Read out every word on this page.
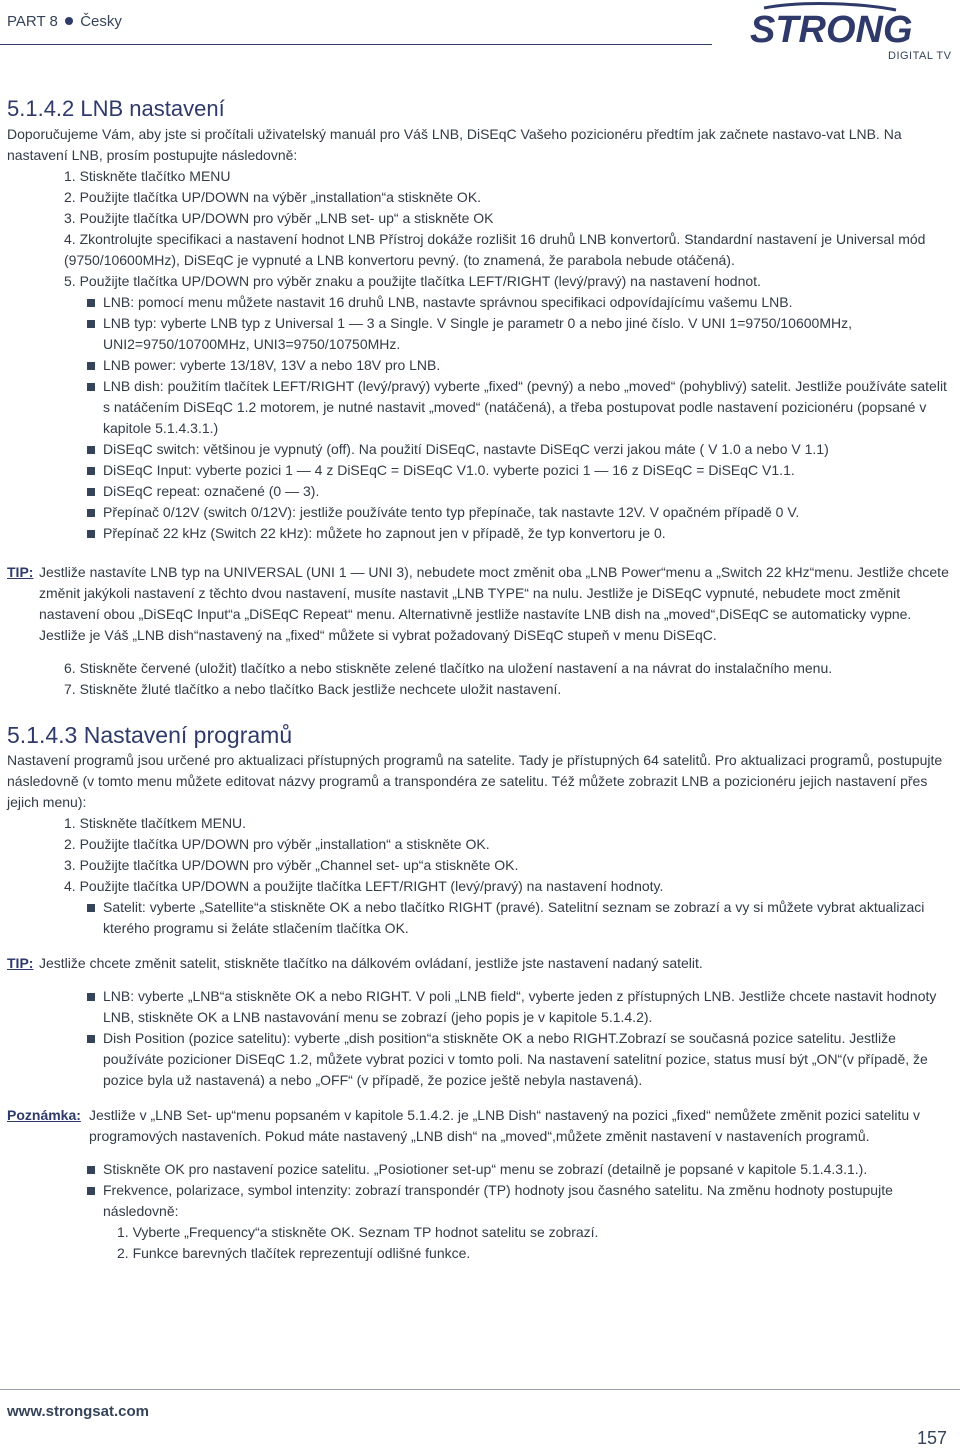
PART 8 Česky	STRONG
DIGITAL TV
5.1.4.2 LNB nastavení

Doporučujeme Vám, aby jste si pročítali uživatelský manuál pro Váš LNB, DiSEqC Vašeho pozicionéru předtím jak začnete nastavo-vat LNB. Na nastavení LNB, prosím postupujte následovně:

1. Stiskněte tlačítko MENU

2. Použijte tlačítka UP/DOWN na výběr „installation“a stiskněte OK.

3. Použijte tlačítka UP/DOWN pro výběr „LNB set- up“ a stiskněte OK

4. Zkontrolujte specifikaci a nastavení hodnot LNB Přístroj dokáže rozlišit 16 druhů LNB konvertorů. Standardní nastavení je Universal mód (9750/10600MHz), DiSEqC je vypnuté a LNB konvertoru pevný. (to znamená, že parabola nebude otáčená).

5. Použijte tlačítka UP/DOWN pro výběr znaku a použijte tlačítka LEFT/RIGHT (levý/pravý) na nastavení hodnot.

LNB: pomocí menu můžete nastavit 16 druhů LNB, nastavte správnou specifikaci odpovídajícímu vašemu LNB.

LNB typ: vyberte LNB typ z Universal 1 — 3 a Single. V Single je parametr 0 a nebo jiné číslo. V UNI 1=9750/10600MHz, UNI2=9750/10700MHz, UNI3=9750/10750MHz.

LNB power: vyberte 13/18V, 13V a nebo 18V pro LNB.

LNB dish: použitím tlačítek LEFT/RIGHT (levý/pravý) vyberte „fixed“ (pevný) a nebo „moved“ (pohyblivý) satelit. Jestliže používáte satelit s natáčením DiSEqC 1.2 motorem, je nutné nastavit „moved“ (natáčená), a třeba postupovat podle nastavení pozicionéru (popsané v kapitole 5.1.4.3.1.)

DiSEqC switch: většinou je vypnutý (off). Na použití DiSEqC, nastavte DiSEqC verzi jakou máte ( V 1.0 a nebo V 1.1)

DiSEqC Input: vyberte pozici 1 — 4 z DiSEqC = DiSEqC V1.0. vyberte pozici 1 — 16 z DiSEqC = DiSEqC V1.1.

DiSEqC repeat: označené (0 — 3).

Přepínač 0/12V (switch 0/12V): jestliže používáte tento typ přepínače, tak nastavte 12V. V opačném případě 0 V.

Přepínač 22 kHz (Switch 22 kHz): můžete ho zapnout jen v případě, že typ konvertoru je 0.

TIP: Jestliže nastavíte LNB typ na UNIVERSAL (UNI 1 — UNI 3), nebudete moct změnit oba „LNB Power“menu a „Switch 22 kHz“menu. Jestliže chcete změnit jakýkoli nastavení z těchto dvou nastavení, musíte nastavit „LNB TYPE“ na nulu. Jestliže je DiSEqC vypnuté, nebudete moct změnit nastavení obou „DiSEqC Input“a „DiSEqC Repeat“ menu. Alternativně jestliže nastavíte LNB dish na „moved“,DiSEqC se automaticky vypne. Jestliže je Váš „LNB dish“nastavený na „fixed“ můžete si vybrat požadovaný DiSEqC stupeň v menu DiSEqC.

6. Stiskněte červené (uložit) tlačítko a nebo stiskněte zelené tlačítko na uložení nastavení a na návrat do instalačního menu.

7. Stiskněte žluté tlačítko a nebo tlačítko Back jestliže nechcete uložit nastavení.

5.1.4.3 Nastavení programů

Nastavení programů jsou určené pro aktualizaci přístupných programů na satelite. Tady je přístupných 64 satelitů. Pro aktualizaci programů, postupujte následovně (v tomto menu můžete editovat názvy programů a transpondéra ze satelitu. Též můžete zobrazit LNB a pozicionéru jejich nastavení přes jejich menu):

1. Stiskněte tlačítkem MENU.

2. Použijte tlačítka UP/DOWN pro výběr „installation“ a stiskněte OK.

3. Použijte tlačítka UP/DOWN pro výběr „Channel set- up“a stiskněte OK.

4. Použijte tlačítka UP/DOWN a použijte tlačítka LEFT/RIGHT (levý/pravý) na nastavení hodnoty.

Satelit: vyberte „Satellite“a stiskněte OK a nebo tlačítko RIGHT (pravé). Satelitní seznam se zobrazí a vy si můžete vybrat aktualizaci kterého programu si želáte stlačením tlačítka OK.

TIP: Jestliže chcete změnit satelit, stiskněte tlačítko na dálkovém ovládaní, jestliže jste nastavení nadaný satelit.

LNB: vyberte „LNB“a stiskněte OK a nebo RIGHT. V poli „LNB field“, vyberte jeden z přístupných LNB. Jestliže chcete nastavit hodnoty LNB, stiskněte OK a LNB nastavování menu se zobrazí (jeho popis je v kapitole 5.1.4.2).

Dish Position (pozice satelitu): vyberte „dish position“a stiskněte OK a nebo RIGHT.Zobrazí se současná pozice satelitu. Jestliže používáte pozicioner DiSEqC 1.2, můžete vybrat pozici v tomto poli. Na nastavení satelitní pozice, status musí být „ON“(v případě, že pozice byla už nastavená) a nebo „OFF“ (v případě, že pozice ještě nebyla nastavená).

Poznámka: Jestliže v „LNB Set- up“menu popsaném v kapitole 5.1.4.2. je „LNB Dish“ nastavený na pozici „fixed“ nemůžete změnit pozici satelitu v programových nastaveních. Pokud máte nastavený „LNB dish“ na „moved“,můžete změnit nastavení v nastaveních programů.

Stiskněte OK pro nastavení pozice satelitu. „Posiotioner set-up“ menu se zobrazí (detailně je popsané v kapitole 5.1.4.3.1.).

Frekvence, polarizace, symbol intenzity: zobrazí transpondér (TP) hodnoty jsou časného satelitu. Na změnu hodnoty postupujte následovně:

1. Vyberte „Frequency“a stiskněte OK. Seznam TP hodnot satelitu se zobrazí.

2. Funkce barevných tlačítek reprezentují odlišné funkce.

www.strongsat.com
157
